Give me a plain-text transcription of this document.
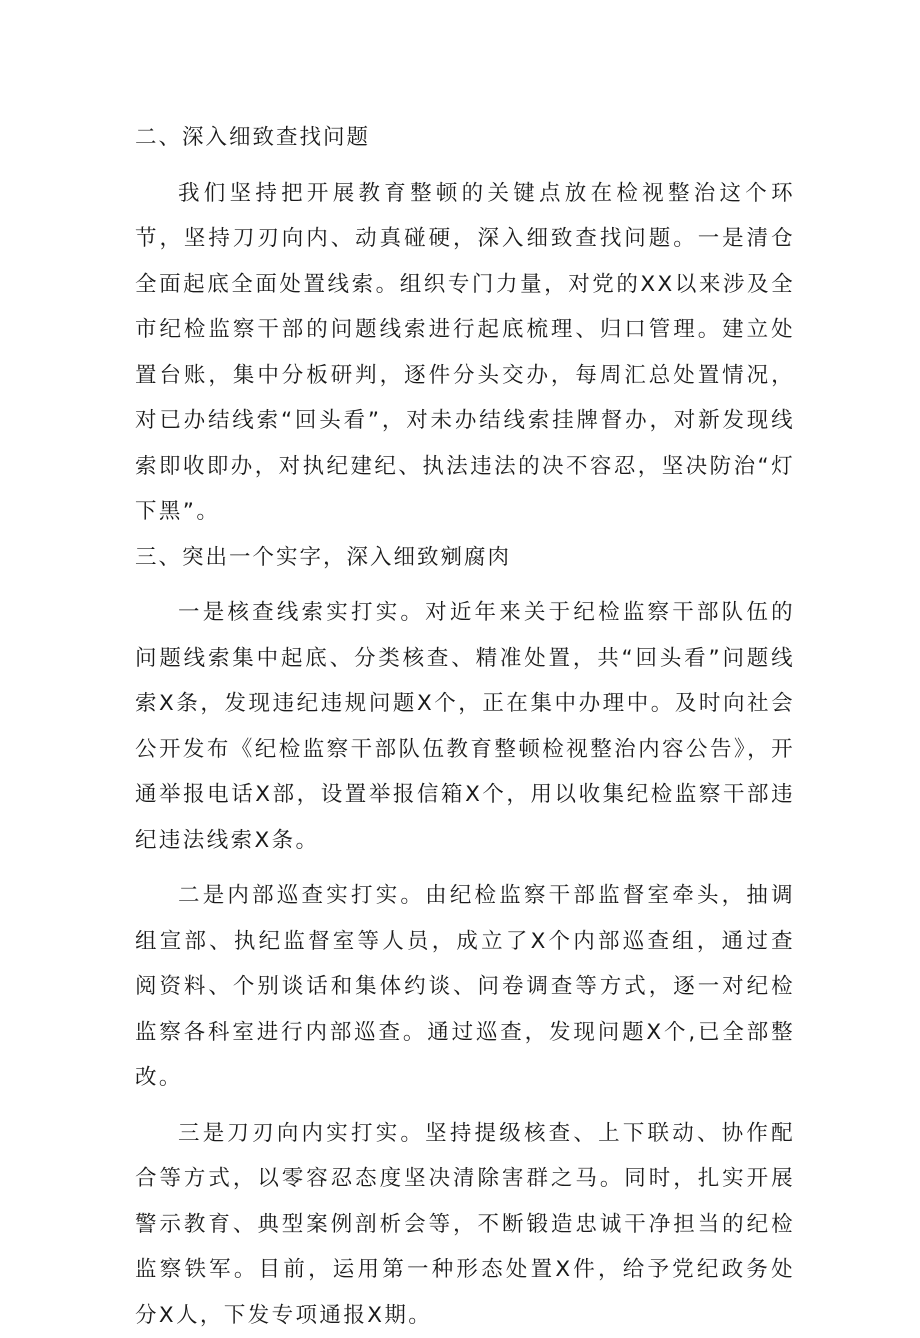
二、深入细致查找问题

我们坚持把开展教育整顿的关键点放在检视整治这个环节，坚持刀刃向内、动真碰硬，深入细致查找问题。一是清仓全面起底全面处置线索。组织专门力量，对党的XX以来涉及全市纪检监察干部的问题线索进行起底梳理、归口管理。建立处置台账，集中分板研判，逐件分头交办，每周汇总处置情况，对已办结线索“回头看”，对未办结线索挂牌督办，对新发现线索即收即办，对执纪建纪、执法违法的决不容忍，坚决防治“灯下黑”。

三、突出一个实字，深入细致剜腐肉

一是核查线索实打实。对近年来关于纪检监察干部队伍的问题线索集中起底、分类核查、精准处置，共“回头看”问题线索X条，发现违纪违规问题X个，正在集中办理中。及时向社会公开发布《纪检监察干部队伍教育整顿检视整治内容公告》，开通举报电话X部，设置举报信箱X个，用以收集纪检监察干部违纪违法线索X条。

二是内部巡查实打实。由纪检监察干部监督室牵头，抽调组宣部、执纪监督室等人员，成立了X个内部巡查组，通过查阅资料、个别谈话和集体约谈、问卷调查等方式，逐一对纪检监察各科室进行内部巡查。通过巡查，发现问题X个,已全部整改。

三是刀刃向内实打实。坚持提级核查、上下联动、协作配合等方式，以零容忍态度坚决清除害群之马。同时，扎实开展警示教育、典型案例剖析会等，不断锻造忠诚干净担当的纪检监察铁军。目前，运用第一种形态处置X件，给予党纪政务处分X人，下发专项通报X期。
